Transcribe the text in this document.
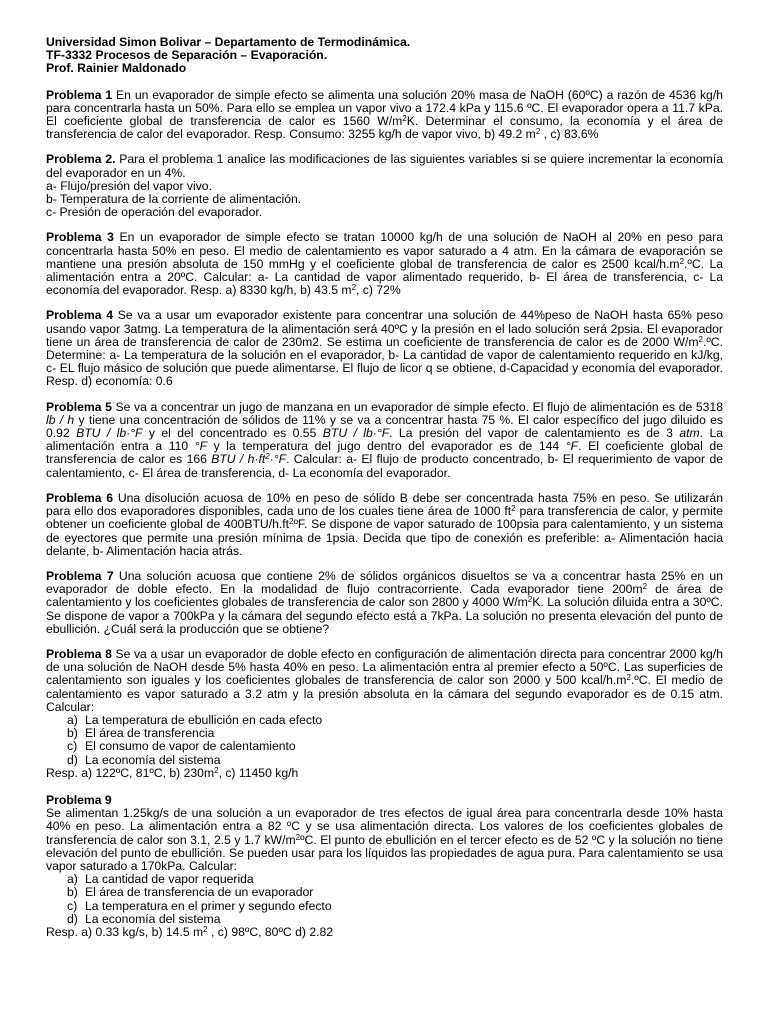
Universidad Simon Bolivar – Departamento de Termodinámica.
TF-3332 Procesos de Separación – Evaporación.
Prof. Rainier Maldonado
Problema 1 En un evaporador de simple efecto se alimenta una solución 20% masa de NaOH (60ºC) a razón de 4536 kg/h para concentrarla hasta un 50%. Para ello se emplea un vapor vivo a 172.4 kPa y 115.6 ºC. El evaporador opera a 11.7 kPa. El coeficiente global de transferencia de calor es 1560 $W/m^2K$. Determinar el consumo, la economía y el área de transferencia de calor del evaporador. Resp. Consumo: 3255 kg/h de vapor vivo, b) 49.2 $m^2$ , c) 83.6%
Problema 2. Para el problema 1 analice las modificaciones de las siguientes variables si se quiere incrementar la economía del evaporador en un 4%.
a- Flujo/presión del vapor vivo.
b- Temperatura de la corriente de alimentación.
c- Presión de operación del evaporador.
Problema 3 En un evaporador de simple efecto se tratan 10000 kg/h de una solución de NaOH al 20% en peso para concentrarla hasta 50% en peso. El medio de calentamiento es vapor saturado a 4 atm. En la cámara de evaporación se mantiene una presión absoluta de 150 mmHg y el coeficiente global de transferencia de calor es 2500 kcal/$h.m^2.ºC$. La alimentación entra a 20ºC. Calcular: a- La cantidad de vapor alimentado requerido, b- El área de transferencia, c- La economía del evaporador. Resp. a) 8330 kg/h, b) 43.5 $m^2$, c) 72%
Problema 4 Se va a usar um evaporador existente para concentrar una solución de 44%peso de NaOH hasta 65% peso usando vapor 3atmg. La temperatura de la alimentación será 40ºC y la presión en el lado solución será 2psia. El evaporador tiene un área de transferencia de calor de 230m2. Se estima un coeficiente de transferencia de calor es de 2000 $W/m^2.ºC$. Determine: a- La temperatura de la solución en el evaporador, b- La cantidad de vapor de calentamiento requerido en kJ/kg, c- EL flujo másico de solución que puede alimentarse. El flujo de licor q se obtiene, d-Capacidad y economía del evaporador. Resp. d) economía: 0.6
Problema 5 Se va a concentrar un jugo de manzana en un evaporador de simple efecto. El flujo de alimentación es de 5318 lb / h y tiene una concentración de sólidos de 11% y se va a concentrar hasta 75 %. El calor específico del jugo diluido es 0.92 BTU / lb·°F y el del concentrado es 0.55 BTU / lb·°F. La presión del vapor de calentamiento es de 3 atm. La alimentación entra a 110 °F y la temperatura del jugo dentro del evaporador es de 144 °F. El coeficiente global de transferencia de calor es 166 BTU / $h\cdot ft^2\cdot^\circ F$. Calcular: a- El flujo de producto concentrado, b- El requerimiento de vapor de calentamiento, c- El área de transferencia, d- La economía del evaporador.
Problema 6 Una disolución acuosa de 10% en peso de sólido B debe ser concentrada hasta 75% en peso. Se utilizarán para ello dos evaporadores disponibles, cada uno de los cuales tiene área de 1000 $ft^2$ para transferencia de calor, y permite obtener un coeficiente global de $400BTU/h.ft^2ºF$. Se dispone de vapor saturado de 100psia para calentamiento, y un sistema de eyectores que permite una presión mínima de 1psia. Decida que tipo de conexión es preferible: a- Alimentación hacia delante, b- Alimentación hacia atrás.
Problema 7 Una solución acuosa que contiene 2% de sólidos orgánicos disueltos se va a concentrar hasta 25% en un evaporador de doble efecto. En la modalidad de flujo contracorriente. Cada evaporador tiene $200m^2$ de área de calentamiento y los coeficientes globales de transferencia de calor son 2800 y 4000 $W/m^2K$. La solución diluida entra a 30ºC. Se dispone de vapor a 700kPa y la cámara del segundo efecto está a 7kPa. La solución no presenta elevación del punto de ebullición. ¿Cuál será la producción que se obtiene?
Problema 8 Se va a usar un evaporador de doble efecto en configuración de alimentación directa para concentrar 2000 kg/h de una solución de NaOH desde 5% hasta 40% en peso. La alimentación entra al premier efecto a 50ºC. Las superficies de calentamiento son iguales y los coeficientes globales de transferencia de calor son 2000 y 500 kcal/$h.m^2.ºC$. El medio de calentamiento es vapor saturado a 3.2 atm y la presión absoluta en la cámara del segundo evaporador es de 0.15 atm. Calcular:
a) La temperatura de ebullición en cada efecto
b) El área de transferencia
c) El consumo de vapor de calentamiento
d) La economía del sistema
Resp. a) 122ºC, 81ºC, b) $230m^2$, c) 11450 kg/h
Problema 9
Se alimentan 1.25kg/s de una solución a un evaporador de tres efectos de igual área para concentrarla desde 10% hasta 40% en peso. La alimentación entra a 82 ºC y se usa alimentación directa. Los valores de los coeficientes globales de transferencia de calor son 3.1, 2.5 y 1.7 $kW/m^2ºC$. El punto de ebullición en el tercer efecto es de 52 ºC y la solución no tiene elevación del punto de ebullición. Se pueden usar para los líquidos las propiedades de agua pura. Para calentamiento se usa vapor saturado a 170kPa. Calcular:
a) La cantidad de vapor requerida
b) El área de transferencia de un evaporador
c) La temperatura en el primer y segundo efecto
d) La economía del sistema
Resp. a) 0.33 kg/s, b) 14.5 $m^2$ , c) 98ºC, 80ºC d) 2.82
